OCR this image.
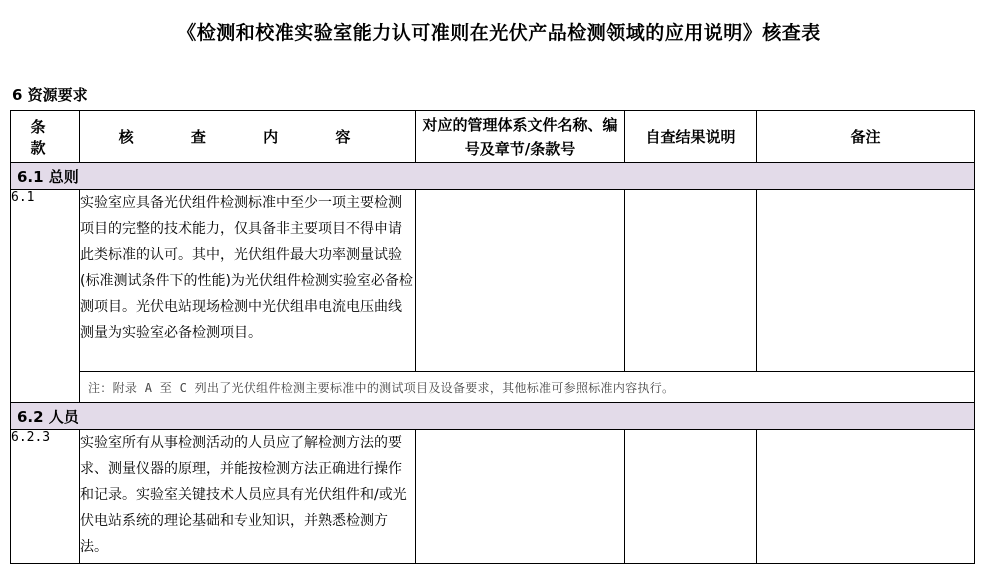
《检测和校准实验室能力认可准则在光伏产品检测领域的应用说明》核查表
6 资源要求
条 款	核 查 内 容	对应的管理体系文件名称、编号及章节/条款号	自查结果说明	备注
6.1 总则				
6.1	实验室应具备光伏组件检测标准中至少一项主要检测项目的完整的技术能力，仅具备非主要项目不得申请此类标准的认可。其中，光伏组件最大功率测量试验(标准测试条件下的性能)为光伏组件检测实验室必备检测项目。光伏电站现场检测中光伏组串电流电压曲线测量为实验室必备检测项目。			
	注：附录 A 至 C 列出了光伏组件检测主要标准中的测试项目及设备要求，其他标准可参照标准内容执行。			
6.2 人员				
6.2.3	实验室所有从事检测活动的人员应了解检测方法的要求、测量仪器的原理，并能按检测方法正确进行操作和记录。实验室关键技术人员应具有光伏组件和/或光伏电站系统的理论基础和专业知识，并熟悉检测方法。			
